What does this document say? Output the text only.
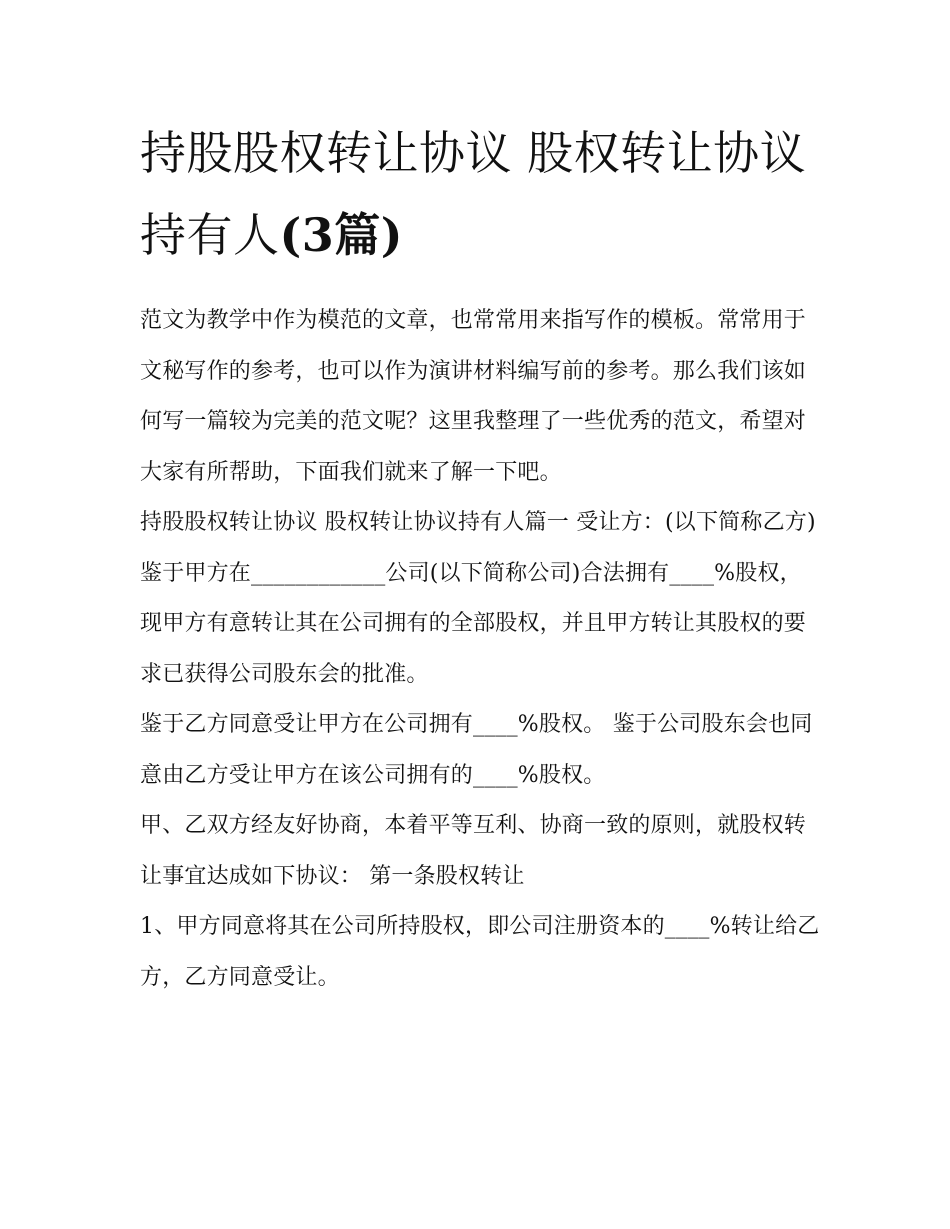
持股股权转让协议 股权转让协议持有人(3篇)

范文为教学中作为模范的文章，也常常用来指写作的模板。常常用于文秘写作的参考，也可以作为演讲材料编写前的参考。那么我们该如何写一篇较为完美的范文呢？这里我整理了一些优秀的范文，希望对大家有所帮助，下面我们就来了解一下吧。

持股股权转让协议 股权转让协议持有人篇一 受让方：(以下简称乙方)

鉴于甲方在____________公司(以下简称公司)合法拥有____%股权，现甲方有意转让其在公司拥有的全部股权，并且甲方转让其股权的要求已获得公司股东会的批准。

鉴于乙方同意受让甲方在公司拥有____%股权。 鉴于公司股东会也同意由乙方受让甲方在该公司拥有的____%股权。

甲、乙双方经友好协商，本着平等互利、协商一致的原则，就股权转让事宜达成如下协议： 第一条股权转让

1、甲方同意将其在公司所持股权，即公司注册资本的____%转让给乙方，乙方同意受让。
